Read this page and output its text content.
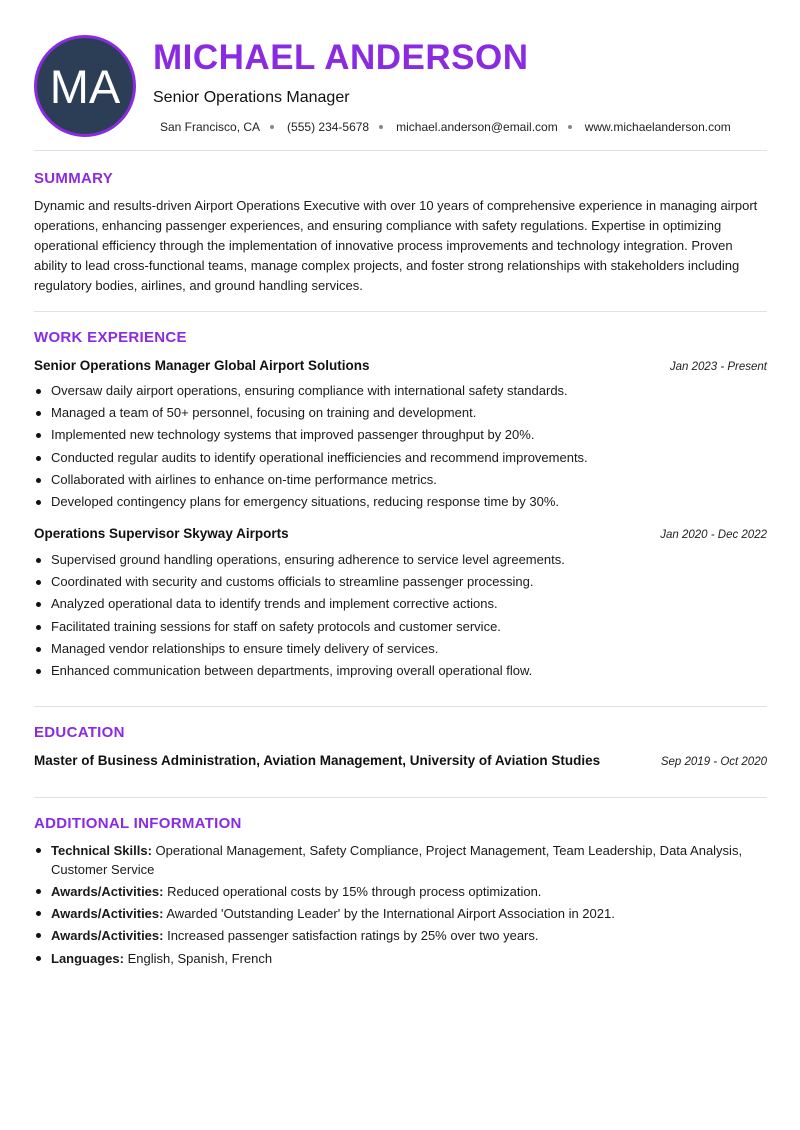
MA
MICHAEL ANDERSON
Senior Operations Manager
San Francisco, CA (555) 234-5678 michael.anderson@email.com www.michaelanderson.com
SUMMARY
Dynamic and results-driven Airport Operations Executive with over 10 years of comprehensive experience in managing airport operations, enhancing passenger experiences, and ensuring compliance with safety regulations. Expertise in optimizing operational efficiency through the implementation of innovative process improvements and technology integration. Proven ability to lead cross-functional teams, manage complex projects, and foster strong relationships with stakeholders including regulatory bodies, airlines, and ground handling services.
WORK EXPERIENCE
Senior Operations Manager Global Airport Solutions	Jan 2023 - Present
Oversaw daily airport operations, ensuring compliance with international safety standards.
Managed a team of 50+ personnel, focusing on training and development.
Implemented new technology systems that improved passenger throughput by 20%.
Conducted regular audits to identify operational inefficiencies and recommend improvements.
Collaborated with airlines to enhance on-time performance metrics.
Developed contingency plans for emergency situations, reducing response time by 30%.
Operations Supervisor Skyway Airports	Jan 2020 - Dec 2022
Supervised ground handling operations, ensuring adherence to service level agreements.
Coordinated with security and customs officials to streamline passenger processing.
Analyzed operational data to identify trends and implement corrective actions.
Facilitated training sessions for staff on safety protocols and customer service.
Managed vendor relationships to ensure timely delivery of services.
Enhanced communication between departments, improving overall operational flow.
EDUCATION
Master of Business Administration, Aviation Management, University of Aviation Studies	Sep 2019 - Oct 2020
ADDITIONAL INFORMATION
Technical Skills: Operational Management, Safety Compliance, Project Management, Team Leadership, Data Analysis, Customer Service
Awards/Activities: Reduced operational costs by 15% through process optimization.
Awards/Activities: Awarded 'Outstanding Leader' by the International Airport Association in 2021.
Awards/Activities: Increased passenger satisfaction ratings by 25% over two years.
Languages: English, Spanish, French
